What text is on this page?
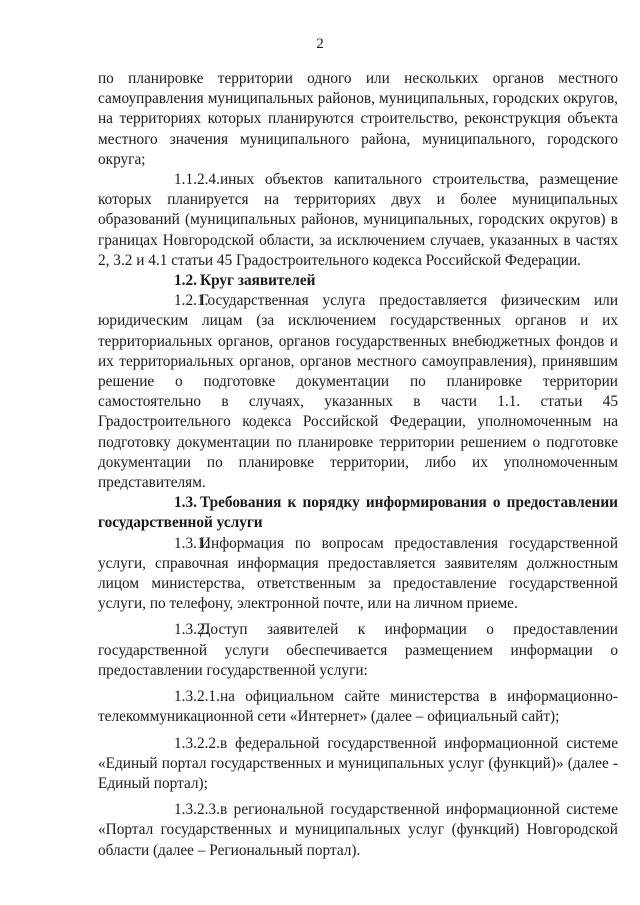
2

по планировке территории одного или нескольких органов местного самоуправления муниципальных районов, муниципальных, городских округов, на территориях которых планируются строительство, реконструкция объекта местного значения муниципального района, муниципального, городского округа;

1.1.2.4.иных объектов капитального строительства, размещение которых планируется на территориях двух и более муниципальных образований (муниципальных районов, муниципальных, городских округов) в границах Новгородской области, за исключением случаев, указанных в частях 2, 3.2 и 4.1 статьи 45 Градостроительного кодекса Российской Федерации.

1.2. Круг заявителей

1.2.1.Государственная услуга предоставляется физическим или юридическим лицам (за исключением государственных органов и их территориальных органов, органов государственных внебюджетных фондов и их территориальных органов, органов местного самоуправления), принявшим решение о подготовке документации по планировке территории самостоятельно в случаях, указанных в части 1.1. статьи 45 Градостроительного кодекса Российской Федерации, уполномоченным на подготовку документации по планировке территории решением о подготовке документации по планировке территории, либо их уполномоченным представителям.

1.3. Требования к порядку информирования о предоставлении государственной услуги

1.3.1.Информация по вопросам предоставления государственной услуги, справочная информация предоставляется заявителям должностным лицом министерства, ответственным за предоставление государственной услуги, по телефону, электронной почте, или на личном приеме.

1.3.2.Доступ заявителей к информации о предоставлении государственной услуги обеспечивается размещением информации о предоставлении государственной услуги:

1.3.2.1.на официальном сайте министерства в информационно-телекоммуникационной сети «Интернет» (далее – официальный сайт);

1.3.2.2.в федеральной государственной информационной системе «Единый портал государственных и муниципальных услуг (функций)» (далее - Единый портал);

1.3.2.3.в региональной государственной информационной системе «Портал государственных и муниципальных услуг (функций) Новгородской области (далее – Региональный портал).
